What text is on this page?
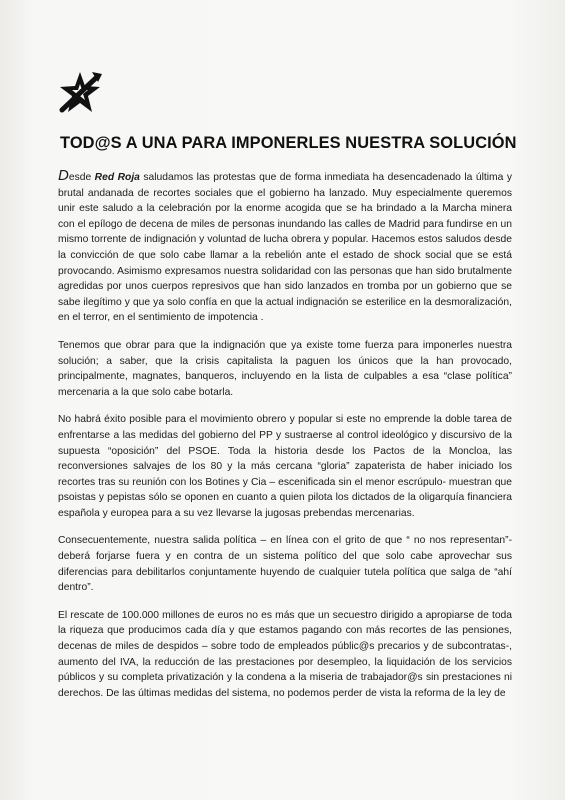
TOD@S A UNA PARA IMPONERLES NUESTRA SOLUCIÓN

Desde Red Roja saludamos las protestas que de forma inmediata ha desencadenado la última y brutal andanada de recortes sociales que el gobierno ha lanzado. Muy especialmente queremos unir este saludo a la celebración por la enorme acogida que se ha brindado a la Marcha minera con el epílogo de decena de miles de personas inundando las calles de Madrid para fundirse en un mismo torrente de indignación y voluntad de lucha obrera y popular. Hacemos estos saludos desde la convicción de que solo cabe llamar a la rebelión ante el estado de shock social que se está provocando. Asimismo expresamos nuestra solidaridad con las personas que han sido brutalmente agredidas por unos cuerpos represivos que han sido lanzados en tromba por un gobierno que se sabe ilegítimo y que ya solo confía en que la actual indignación se esterilice en la desmoralización, en el terror, en el sentimiento de impotencia .

Tenemos que obrar para que la indignación que ya existe tome fuerza para imponerles nuestra solución; a saber, que la crisis capitalista la paguen los únicos que la han provocado, principalmente, magnates, banqueros, incluyendo en la lista de culpables a esa “clase política” mercenaria a la que solo cabe botarla.

No habrá éxito posible para el movimiento obrero y popular si este no emprende la doble tarea de enfrentarse a las medidas del gobierno del PP y sustraerse al control ideológico y discursivo de la supuesta “oposición” del PSOE. Toda la historia desde los Pactos de la Moncloa, las reconversiones salvajes de los 80 y la más cercana “gloria” zapaterista de haber iniciado los recortes tras su reunión con los Botines y Cia – escenificada sin el menor escrúpulo- muestran que psoistas y pepistas sólo se oponen en cuanto a quien pilota los dictados de la oligarquía financiera española y europea para a su vez llevarse la jugosas prebendas mercenarias.

Consecuentemente, nuestra salida política – en línea con el grito de que “ no nos representan”- deberá forjarse fuera y en contra de un sistema político del que solo cabe aprovechar sus diferencias para debilitarlos conjuntamente huyendo de cualquier tutela política que salga de “ahí dentro”.

El rescate de 100.000 millones de euros no es más que un secuestro dirigido a apropiarse de toda la riqueza que producimos cada día y que estamos pagando con más recortes de las pensiones, decenas de miles de despidos – sobre todo de empleados públic@s precarios y de subcontratas-, aumento del IVA, la reducción de las prestaciones por desempleo, la liquidación de los servicios públicos y su completa privatización y la condena a la miseria de trabajador@s sin prestaciones ni derechos. De las últimas medidas del sistema, no podemos perder de vista la reforma de la ley de
